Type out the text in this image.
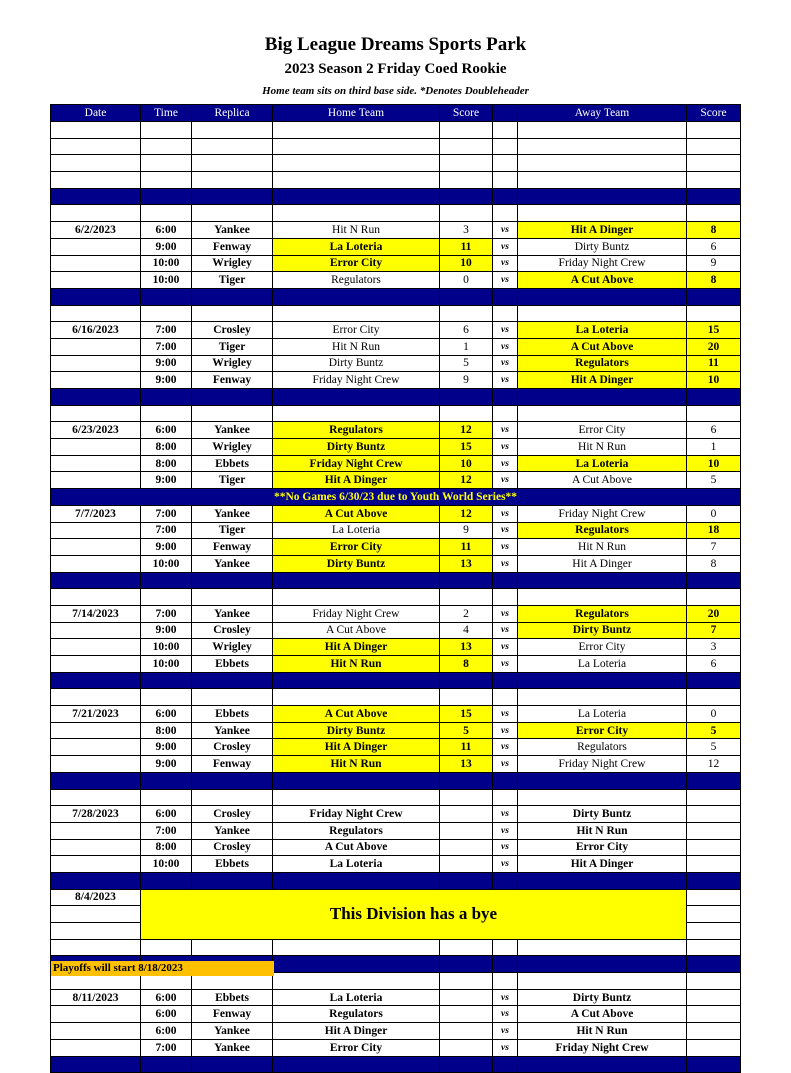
Big League Dreams Sports Park
2023 Season 2 Friday Coed Rookie
Home team sits on third base side. *Denotes Doubleheader
Date	Time	Replica	Home Team	Score		Away Team	Score

6/2/2023	6:00	Yankee	Hit N Run	3	vs	Hit A Dinger	8
	9:00	Fenway	La Loteria	11	vs	Dirty Buntz	6
	10:00	Wrigley	Error City	10	vs	Friday Night Crew	9
	10:00	Tiger	Regulators	0	vs	A Cut Above	8

6/16/2023	7:00	Crosley	Error City	6	vs	La Loteria	15
	7:00	Tiger	Hit N Run	1	vs	A Cut Above	20
	9:00	Wrigley	Dirty Buntz	5	vs	Regulators	11
	9:00	Fenway	Friday Night Crew	9	vs	Hit A Dinger	10

6/23/2023	6:00	Yankee	Regulators	12	vs	Error City	6
	8:00	Wrigley	Dirty Buntz	15	vs	Hit N Run	1
	8:00	Ebbets	Friday Night Crew	10	vs	La Loteria	10
	9:00	Tiger	Hit A Dinger	12	vs	A Cut Above	5
**No Games 6/30/23 due to Youth World Series**							
7/7/2023	7:00	Yankee	A Cut Above	12	vs	Friday Night Crew	0
	7:00	Tiger	La Loteria	9	vs	Regulators	18
	9:00	Fenway	Error City	11	vs	Hit N Run	7
	10:00	Yankee	Dirty Buntz	13	vs	Hit A Dinger	8

7/14/2023	7:00	Yankee	Friday Night Crew	2	vs	Regulators	20
	9:00	Crosley	A Cut Above	4	vs	Dirty Buntz	7
	10:00	Wrigley	Hit A Dinger	13	vs	Error City	3
	10:00	Ebbets	Hit N Run	8	vs	La Loteria	6

7/21/2023	6:00	Ebbets	A Cut Above	15	vs	La Loteria	0
	8:00	Yankee	Dirty Buntz	5	vs	Error City	5
	9:00	Crosley	Hit A Dinger	11	vs	Regulators	5
	9:00	Fenway	Hit N Run	13	vs	Friday Night Crew	12

7/28/2023	6:00	Crosley	Friday Night Crew		vs	Dirty Buntz	
	7:00	Yankee	Regulators		vs	Hit N Run	
	8:00	Crosley	A Cut Above		vs	Error City	
	10:00	Ebbets	La Loteria		vs	Hit A Dinger	

8/4/2023	This Division has a bye						

8/11/2023	6:00	Ebbets	La Loteria		vs	Dirty Buntz	
	6:00	Fenway	Regulators		vs	A Cut Above	
	6:00	Yankee	Hit A Dinger		vs	Hit N Run	
	7:00	Yankee	Error City		vs	Friday Night Crew	

Playoffs will start 8/18/2023
